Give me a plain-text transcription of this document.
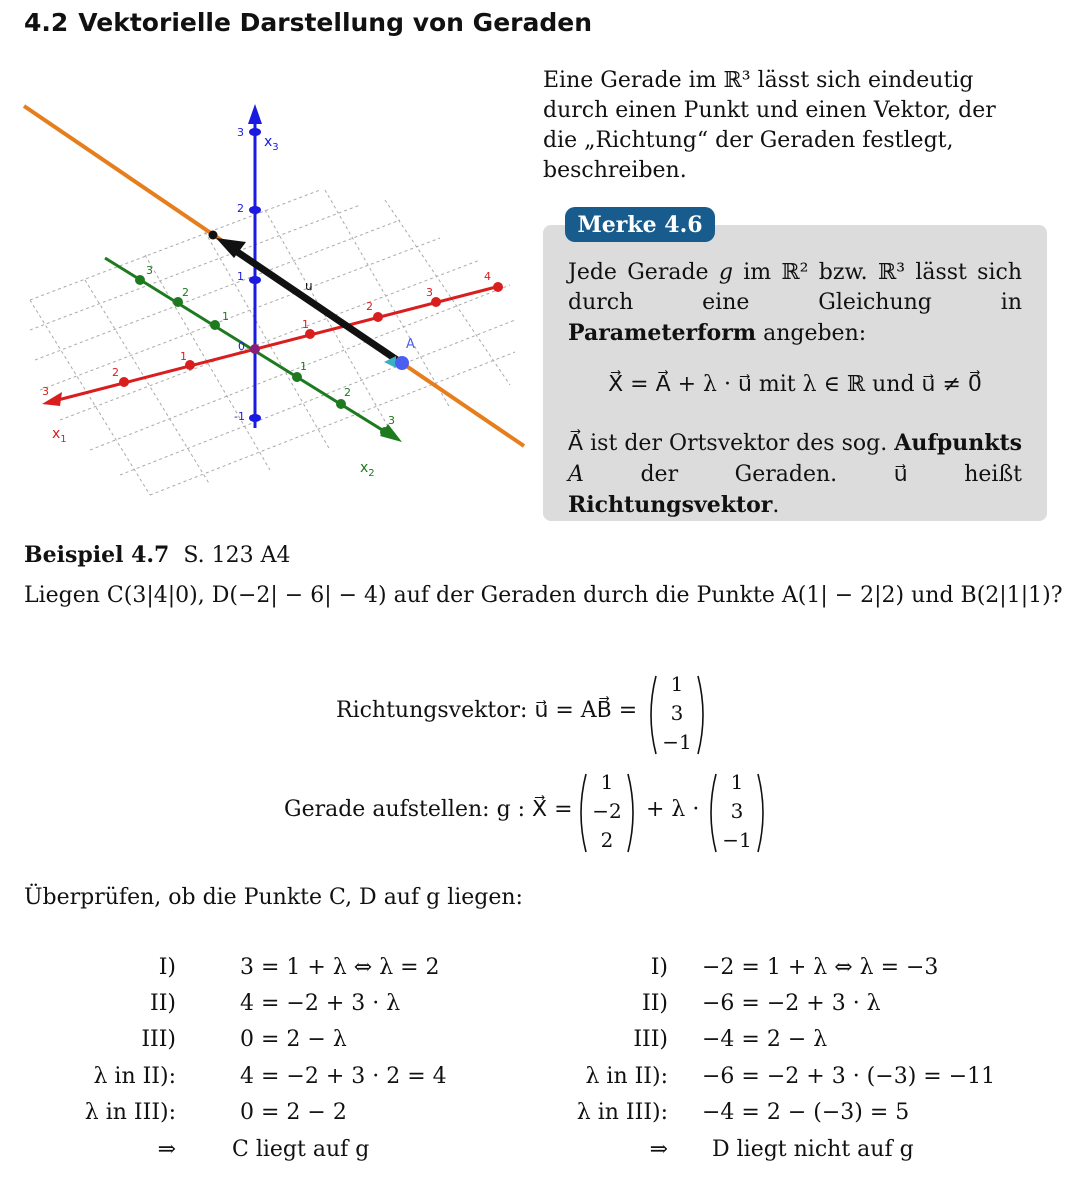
4.2 Vektorielle Darstellung von Geraden
3
2
1
1
2
3
4
$x_1$
3
2
1
1
2
3
$x_2$
3
2
1
0
-1
$x_3$
u
A
Eine Gerade im ℝ³ lässt sich eindeutig durch einen Punkt und einen Vektor, der die „Richtung“ der Geraden festlegt, beschreiben.
Merke 4.6
Jede Gerade g im ℝ² bzw. ℝ³ lässt sich durch eine Gleichung in Parameterform angeben:
X⃗ = A⃗ + λ · u⃗ mit λ ∈ ℝ und u⃗ ≠ 0⃗
A⃗ ist der Ortsvektor des sog. Aufpunkts A der Geraden. u⃗ heißt Richtungsvektor.
Beispiel 4.7 S. 123 A4
Liegen C(3|4|0), D(−2| − 6| − 4) auf der Geraden durch die Punkte A(1| − 2|2) und B(2|1|1)?
Richtungsvektor: u⃗ = AB⃗ =
1
3
−1
Gerade aufstellen: g : X⃗ =
1
−2
2
+ λ ·
1
3
−1
Überprüfen, ob die Punkte C, D auf g liegen:
I)	3 = 1 + λ ⇔ λ = 2
II)	4 = −2 + 3 · λ
III)	0 = 2 − λ
λ in II):	4 = −2 + 3 · 2 = 4
λ in III):	0 = 2 − 2
⇒	C liegt auf g
I) −2 = 1 + λ ⇔ λ = −3
II) −6 = −2 + 3 · λ
III) −4 = 2 − λ
λ in II): −6 = −2 + 3 · (−3) = −11
λ in III): −4 = 2 − (−3) = 5
⇒ D liegt nicht auf g
